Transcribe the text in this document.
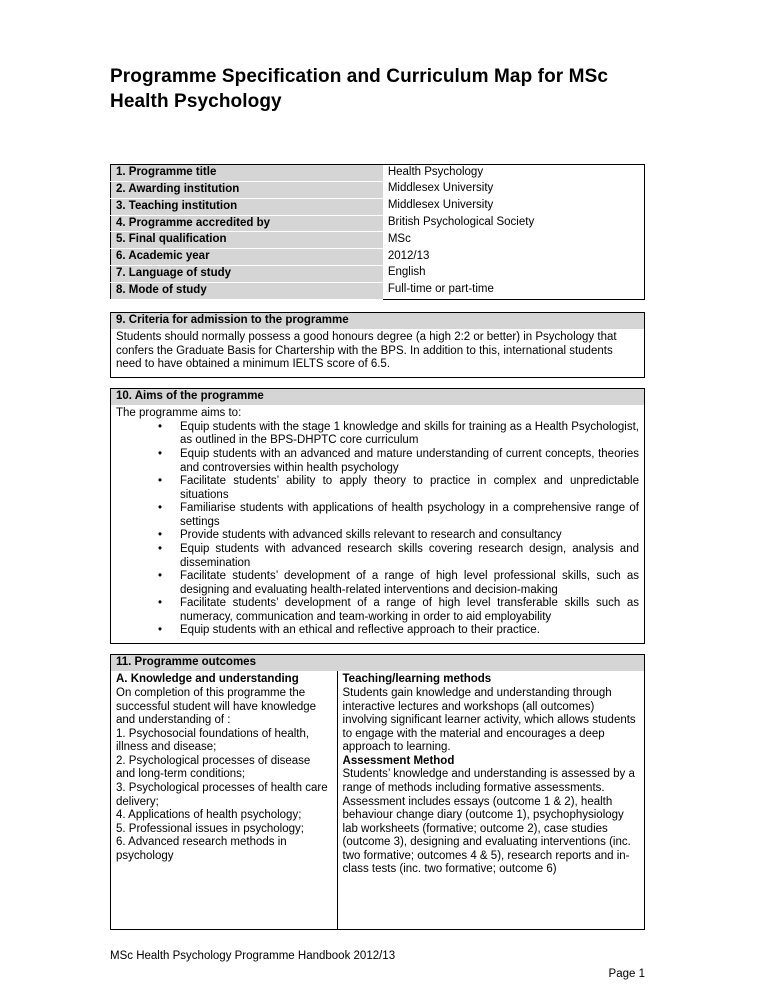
Programme Specification and Curriculum Map for MSc Health Psychology
1. Programme title	Health Psychology
2. Awarding institution	Middlesex University
3. Teaching institution	Middlesex University
4. Programme accredited by	British Psychological Society
5. Final qualification	MSc
6. Academic year	2012/13
7. Language of study	English
8. Mode of study	Full-time or part-time
9. Criteria for admission to the programme
Students should normally possess a good honours degree (a high 2:2 or better) in Psychology that confers the Graduate Basis for Chartership with the BPS. In addition to this, international students need to have obtained a minimum IELTS score of 6.5.
10. Aims of the programme
The programme aims to:
• Equip students with the stage 1 knowledge and skills for training as a Health Psychologist, as outlined in the BPS-DHPTC core curriculum
• Equip students with an advanced and mature understanding of current concepts, theories and controversies within health psychology
• Facilitate students’ ability to apply theory to practice in complex and unpredictable situations
• Familiarise students with applications of health psychology in a comprehensive range of settings
• Provide students with advanced skills relevant to research and consultancy
• Equip students with advanced research skills covering research design, analysis and dissemination
• Facilitate students’ development of a range of high level professional skills, such as designing and evaluating health-related interventions and decision-making
• Facilitate students’ development of a range of high level transferable skills such as numeracy, communication and team-working in order to aid employability
• Equip students with an ethical and reflective approach to their practice.
11. Programme outcomes
A. Knowledge and understanding
On completion of this programme the successful student will have knowledge and understanding of :
1. Psychosocial foundations of health, illness and disease;
2. Psychological processes of disease and long-term conditions;
3. Psychological processes of health care delivery;
4. Applications of health psychology;
5. Professional issues in psychology;
6. Advanced research methods in psychology
Teaching/learning methods
Students gain knowledge and understanding through interactive lectures and workshops (all outcomes) involving significant learner activity, which allows students to engage with the material and encourages a deep approach to learning.
Assessment Method
Students’ knowledge and understanding is assessed by a range of methods including formative assessments. Assessment includes essays (outcome 1 & 2), health behaviour change diary (outcome 1), psychophysiology lab worksheets (formative; outcome 2), case studies (outcome 3), designing and evaluating interventions (inc. two formative; outcomes 4 & 5), research reports and in-class tests (inc. two formative; outcome 6)
MSc Health Psychology Programme Handbook 2012/13
Page 1
